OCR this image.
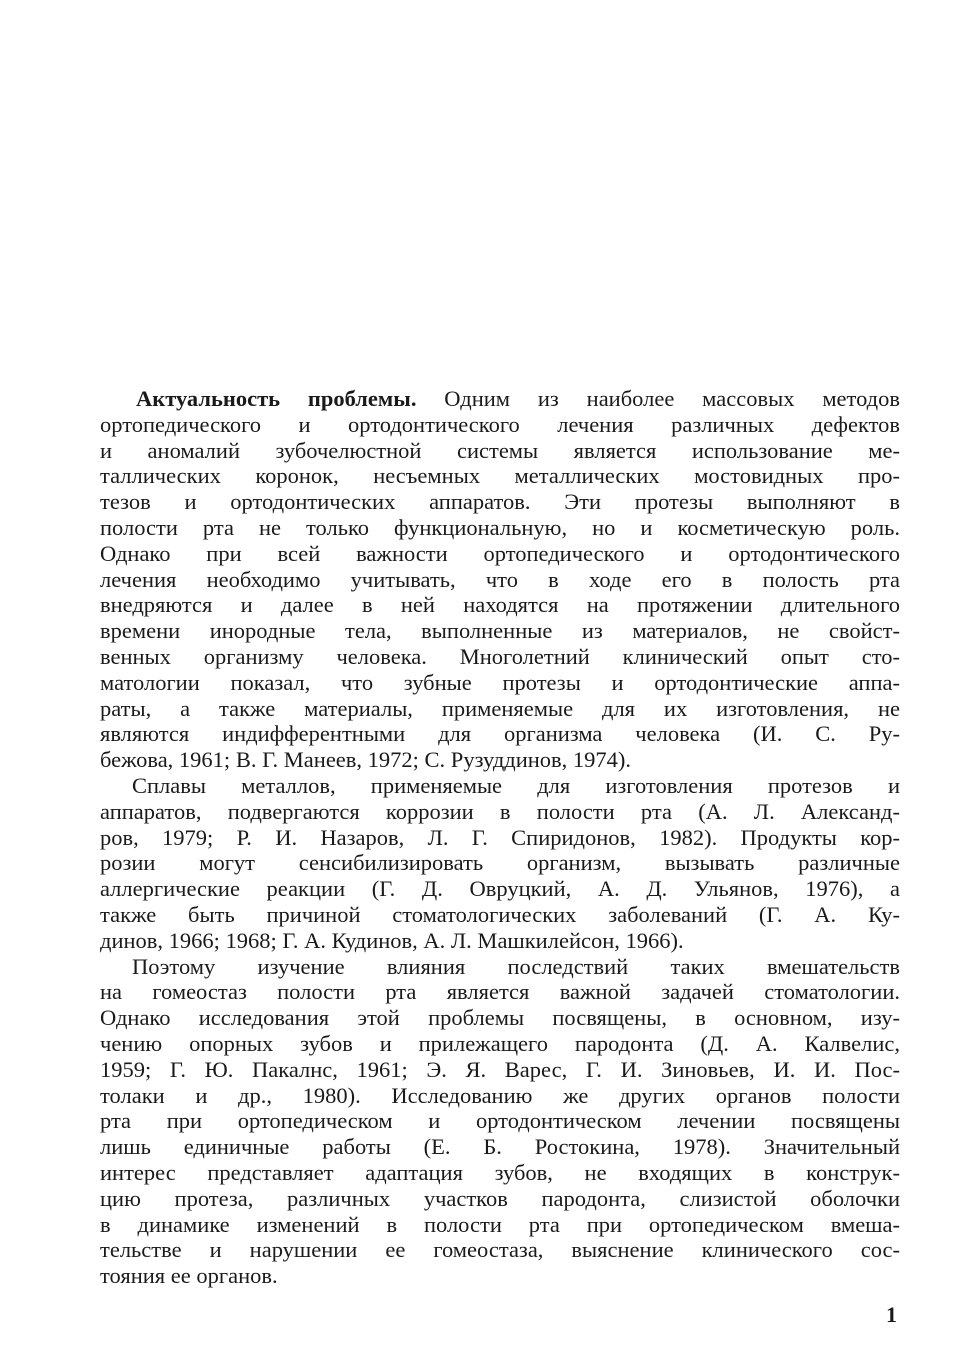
Актуальность проблемы. Одним из наиболее массовых методов
ортопедического и ортодонтического лечения различных дефектов
и аномалий зубочелюстной системы является использование ме-
таллических коронок, несъемных металлических мостовидных про-
тезов и ортодонтических аппаратов. Эти протезы выполняют в
полости рта не только функциональную, но и косметическую роль.
Однако при всей важности ортопедического и ортодонтического
лечения необходимо учитывать, что в ходе его в полость рта
внедряются и далее в ней находятся на протяжении длительного
времени инородные тела, выполненные из материалов, не свойст-
венных организму человека. Многолетний клинический опыт сто-
матологии показал, что зубные протезы и ортодонтические аппа-
раты, а также материалы, применяемые для их изготовления, не
являются индифферентными для организма человека (И. С. Ру-
бежова, 1961; В. Г. Манеев, 1972; С. Рузуддинов, 1974).
Сплавы металлов, применяемые для изготовления протезов и
аппаратов, подвергаются коррозии в полости рта (А. Л. Александ-
ров, 1979; Р. И. Назаров, Л. Г. Спиридонов, 1982). Продукты кор-
розии могут сенсибилизировать организм, вызывать различные
аллергические реакции (Г. Д. Овруцкий, А. Д. Ульянов, 1976), а
также быть причиной стоматологических заболеваний (Г. А. Ку-
динов, 1966; 1968; Г. А. Кудинов, А. Л. Машкилейсон, 1966).
Поэтому изучение влияния последствий таких вмешательств
на гомеостаз полости рта является важной задачей стоматологии.
Однако исследования этой проблемы посвящены, в основном, изу-
чению опорных зубов и прилежащего пародонта (Д. А. Калвелис,
1959; Г. Ю. Пакалнс, 1961; Э. Я. Варес, Г. И. Зиновьев, И. И. Пос-
толаки и др., 1980). Исследованию же других органов полости
рта при ортопедическом и ортодонтическом лечении посвящены
лишь единичные работы (Е. Б. Ростокина, 1978). Значительный
интерес представляет адаптация зубов, не входящих в конструк-
цию протеза, различных участков пародонта, слизистой оболочки
в динамике изменений в полости рта при ортопедическом вмеша-
тельстве и нарушении ее гомеостаза, выяснение клинического сос-
тояния ее органов.
1
